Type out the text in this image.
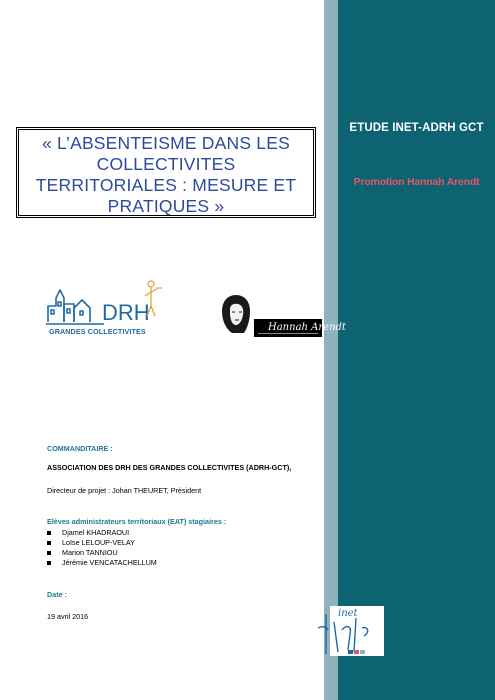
ETUDE INET-ADRH GCT
Promotion Hannah Arendt
« L’ABSENTEISME DANS LES
COLLECTIVITES
TERRITORIALES : MESURE ET
PRATIQUES »
DRH
GRANDES COLLECTIVITES	Hannah Arendt
COMMANDITAIRE :
ASSOCIATION DES DRH DES GRANDES COLLECTIVITES (ADRH-GCT),
Directeur de projet : Johan THEURET, Président
Elèves administrateurs territoriaux (EAT) stagiaires :
Djamel KHADRAOUI
Loïse LELOUP-VELAY
Marion TANNIOU
Jérémie VENCATACHELLUM
Date :
19 avril 2016	inet
